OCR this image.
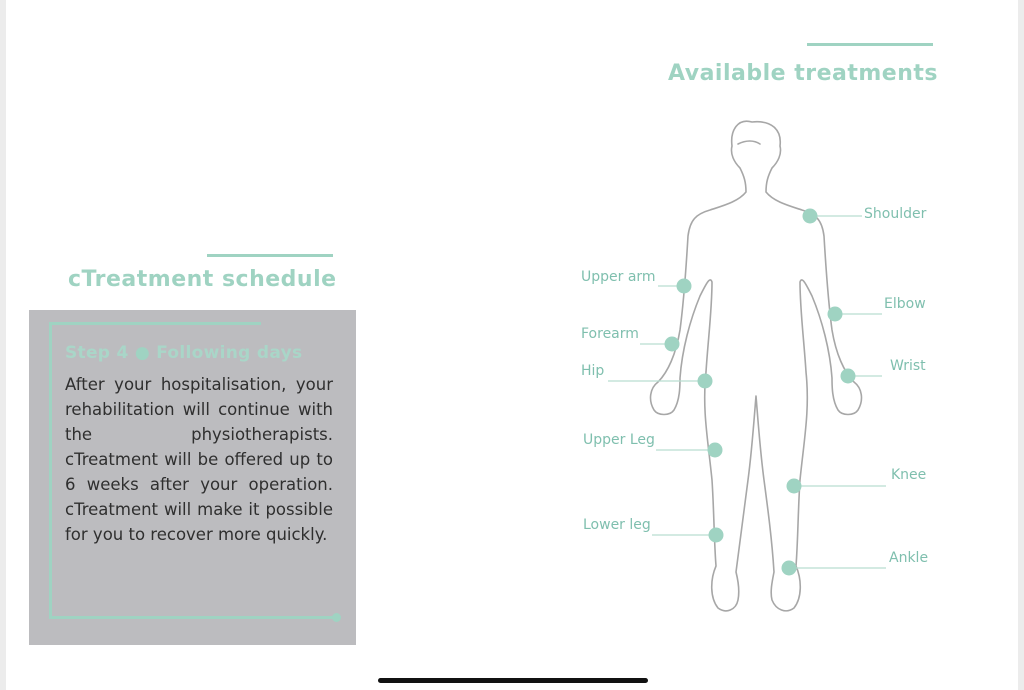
cTreatment schedule
Step 4 ● Following days

After your hospitalisation, your rehabilitation will continue with the physiotherapists. cTreatment will be offered up to 6 weeks after your operation. cTreatment will make it possible for you to recover more quickly.

Available treatments
Shoulder
Upper arm
Elbow
Forearm
Hip	Wrist
Upper Leg
Knee
Lower leg
Ankle
